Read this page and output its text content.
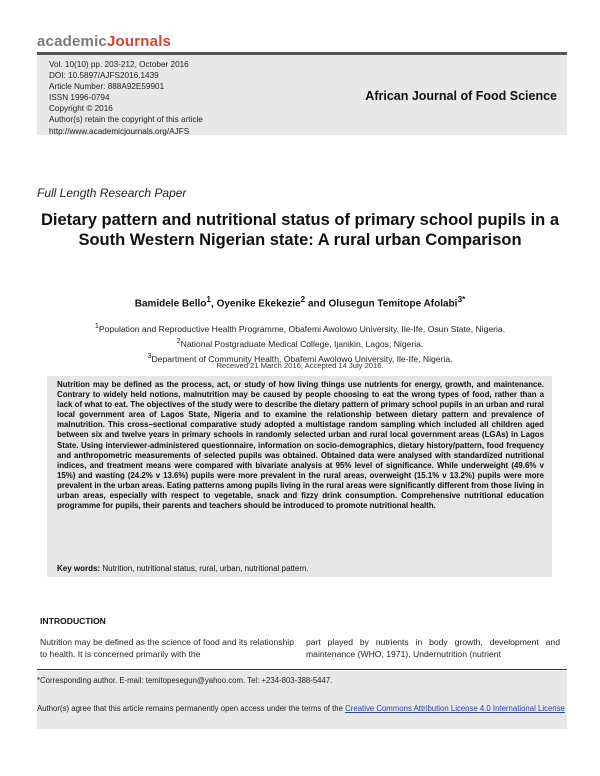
academicJournals
Vol. 10(10) pp. 203-212, October 2016
DOI: 10.5897/AJFS2016.1439
Article Number: 888A92E59901
ISSN 1996-0794
Copyright © 2016
Author(s) retain the copyright of this article
http://www.academicjournals.org/AJFS
African Journal of Food Science
Full Length Research Paper
Dietary pattern and nutritional status of primary school pupils in a South Western Nigerian state: A rural urban Comparison
Bamidele Bello$^1$, Oyenike Ekekezie$^2$ and Olusegun Temitope Afolabi$^{3*}$
$^1$Population and Reproductive Health Programme, Obafemi Awolowo University, Ile-Ife, Osun State, Nigeria.
$^2$National Postgraduate Medical College, Ijanikin, Lagos, Nigeria.
$^3$Department of Community Health, Obafemi Awolowo University, Ile-Ife, Nigeria.
Received 21 March 2016, Accepted 14 July 2016.
Nutrition may be defined as the process, act, or study of how living things use nutrients for energy, growth, and maintenance. Contrary to widely held notions, malnutrition may be caused by people choosing to eat the wrong types of food, rather than a lack of what to eat. The objectives of the study were to describe the dietary pattern of primary school pupils in an urban and rural local government area of Lagos State, Nigeria and to examine the relationship between dietary pattern and prevalence of malnutrition. This cross–sectional comparative study adopted a multistage random sampling which included all children aged between six and twelve years in primary schools in randomly selected urban and rural local government areas (LGAs) in Lagos State. Using interviewer-administered questionnaire, information on socio-demographics, dietary history/pattern, food frequency and anthropometric measurements of selected pupils was obtained. Obtained data were analysed with standardized nutritional indices, and treatment means were compared with bivariate analysis at 95% level of significance. While underweight (49.6% v 15%) and wasting (24.2% v 13.6%) pupils were more prevalent in the rural areas, overweight (15.1% v 13.2%) pupils were more prevalent in the urban areas. Eating patterns among pupils living in the rural areas were significantly different from those living in urban areas, especially with respect to vegetable, snack and fizzy drink consumption. Comprehensive nutritional education programme for pupils, their parents and teachers should be introduced to promote nutritional health.
Key words: Nutrition, nutritional status, rural, urban, nutritional pattern.
INTRODUCTION
Nutrition may be defined as the science of food and its relationship to health. It is concerned primarily with the
part played by nutrients in body growth, development and maintenance (WHO, 1971). Undernutrition (nutrient
*Corresponding author. E-mail: temitopesegun@yahoo.com. Tel: +234-803-388-5447.
Author(s) agree that this article remains permanently open access under the terms of the Creative Commons Attribution License 4.0 International License
